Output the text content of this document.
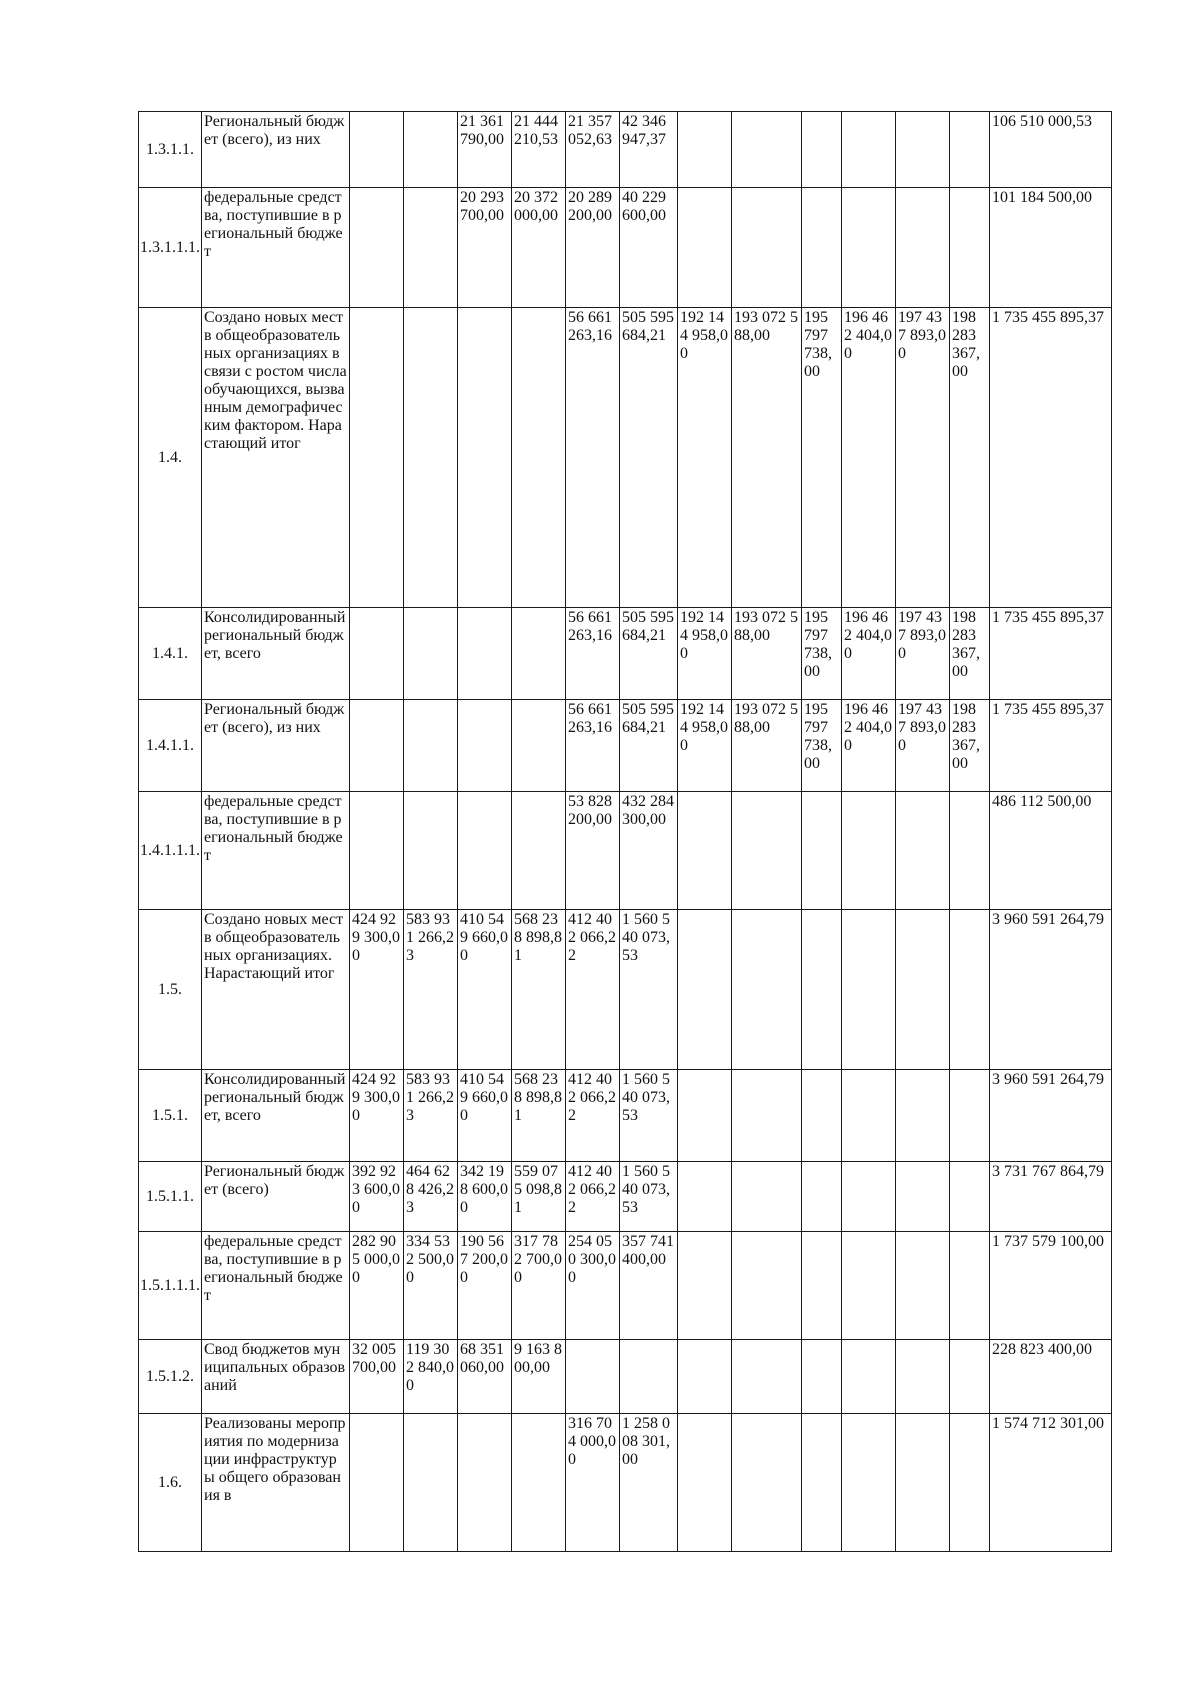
1.3.1.1.	Региональный бюджет (всего), из них			21 361 790,00	21 444 210,53	21 357 052,63	42 346 947,37							106 510 000,53
1.3.1.1.1.	федеральные средства, поступившие в региональный бюджет			20 293 700,00	20 372 000,00	20 289 200,00	40 229 600,00							101 184 500,00
1.4.	Создано новых мест в общеобразовательных организациях в связи с ростом числа обучающихся, вызванным демографическим фактором. Нарастающий итог					56 661 263,16	505 595 684,21	192 144 958,00	193 072 588,00	195 797 738,00	196 462 404,00	197 437 893,00	198 283 367,00	1 735 455 895,37
1.4.1.	Консолидированный региональный бюджет, всего					56 661 263,16	505 595 684,21	192 144 958,00	193 072 588,00	195 797 738,00	196 462 404,00	197 437 893,00	198 283 367,00	1 735 455 895,37
1.4.1.1.	Региональный бюджет (всего), из них					56 661 263,16	505 595 684,21	192 144 958,00	193 072 588,00	195 797 738,00	196 462 404,00	197 437 893,00	198 283 367,00	1 735 455 895,37
1.4.1.1.1.	федеральные средства, поступившие в региональный бюджет					53 828 200,00	432 284 300,00							486 112 500,00
1.5.	Создано новых мест в общеобразовательных организациях. Нарастающий итог	424 929 300,00	583 931 266,23	410 549 660,00	568 238 898,81	412 402 066,22	1 560 540 073,53							3 960 591 264,79
1.5.1.	Консолидированный региональный бюджет, всего	424 929 300,00	583 931 266,23	410 549 660,00	568 238 898,81	412 402 066,22	1 560 540 073,53							3 960 591 264,79
1.5.1.1.	Региональный бюджет (всего)	392 923 600,00	464 628 426,23	342 198 600,00	559 075 098,81	412 402 066,22	1 560 540 073,53							3 731 767 864,79
1.5.1.1.1.	федеральные средства, поступившие в региональный бюджет	282 905 000,00	334 532 500,00	190 567 200,00	317 782 700,00	254 050 300,00	357 741 400,00							1 737 579 100,00
1.5.1.2.	Свод бюджетов муниципальных образований	32 005 700,00	119 302 840,00	68 351 060,00	9 163 800,00									228 823 400,00
1.6.	Реализованы мероприятия по модернизации инфраструктуры общего образования в					316 704 000,00	1 258 008 301,00							1 574 712 301,00
